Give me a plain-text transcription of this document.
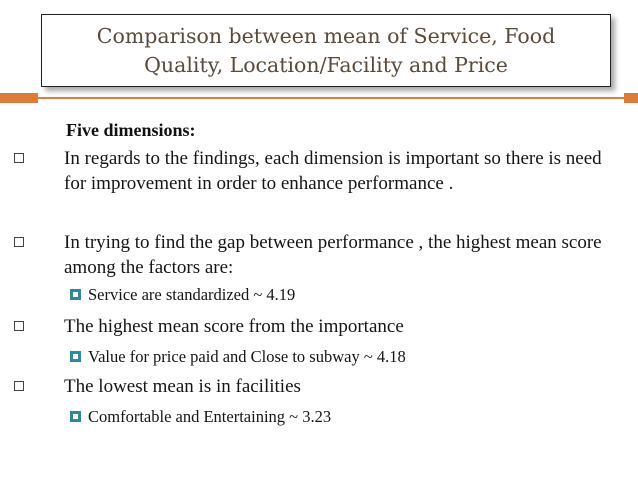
Comparison between mean of Service, Food
Quality, Location/Facility and Price
Five dimensions:
In regards to the findings, each dimension is important so there is need for improvement in order to enhance performance .
In trying to find the gap between performance , the highest mean score among the factors are:
Service are standardized ~ 4.19
The highest mean score from the importance
Value for price paid and Close to subway ~ 4.18
The lowest mean is in facilities
Comfortable and Entertaining ~ 3.23
